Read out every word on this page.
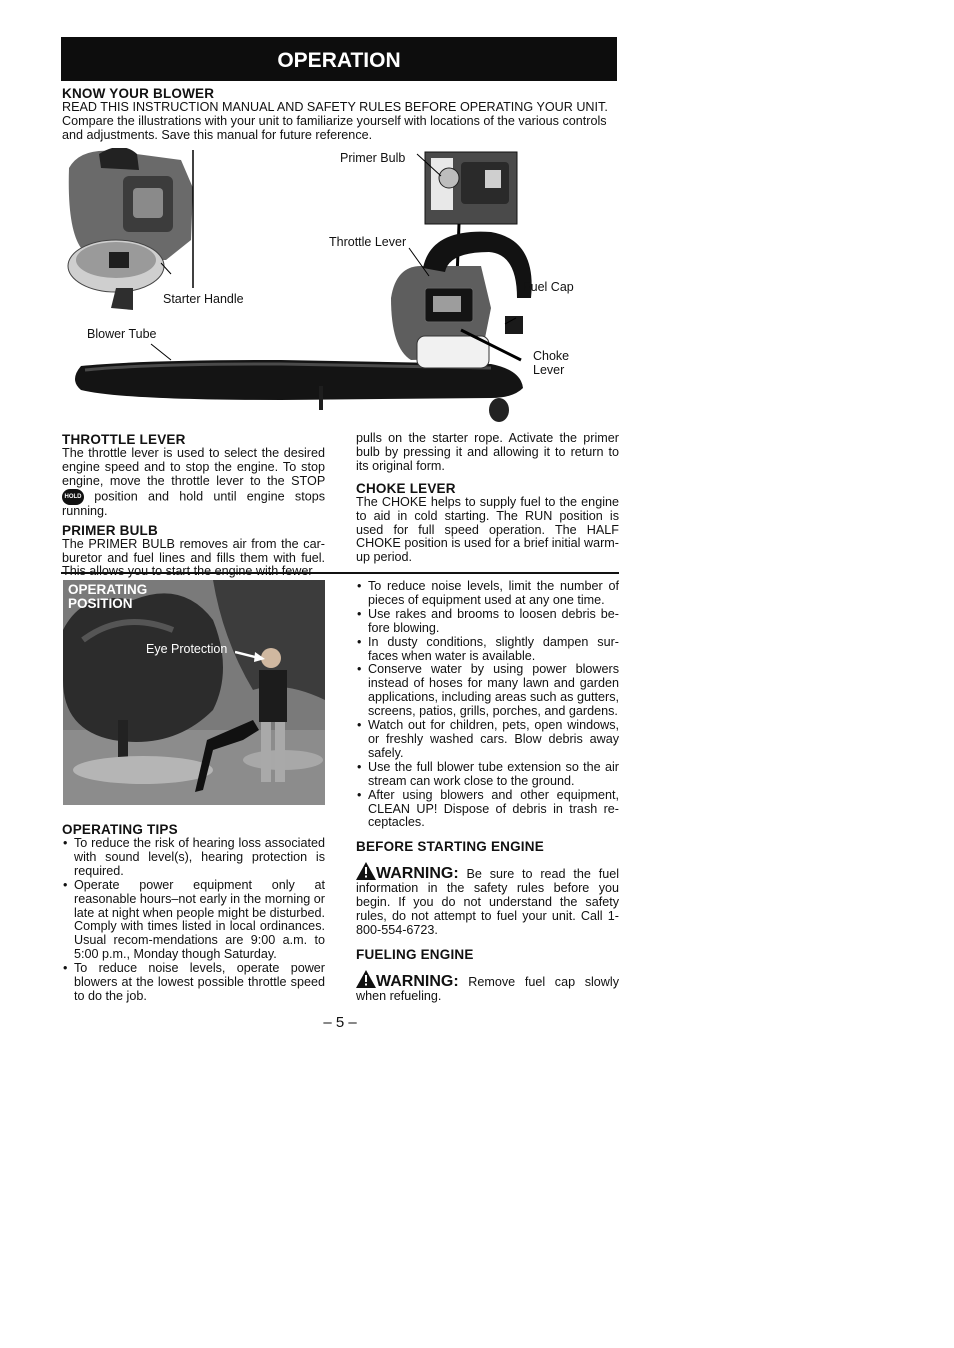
OPERATION

KNOW YOUR BLOWER

READ THIS INSTRUCTION MANUAL AND SAFETY RULES BEFORE OPERATING YOUR UNIT. Compare the illustrations with your unit to familiarize yourself with locations of the various controls and adjustments. Save this manual for future reference.

Primer Bulb
Throttle Lever
Fuel Cap
Starter Handle
Blower Tube
Choke
Lever

THROTTLE LEVER

The throttle lever is used to select the desired engine speed and to stop the engine. To stop engine, move the throttle lever to the STOP HOLD position and hold until engine stops running.

PRIMER BULB

The PRIMER BULB removes air from the car-buretor and fuel lines and fills them with fuel.

pulls on the starter rope. Activate the primer bulb by pressing it and allowing it to return to its original form.

CHOKE LEVER

The CHOKE helps to supply fuel to the engine to aid in cold starting. The RUN position is used for full speed operation. The HALF CHOKE position is used for a brief initial warm-up period.

OPERATING
POSITION
Eye Protection

OPERATING TIPS

• To reduce the risk of hearing loss associated with sound level(s), hearing protection is required.
• Operate power equipment only at reasonable hours–not early in the morning or late at night when people might be disturbed. Comply with times listed in local ordinances. Usual recom-mendations are 9:00 a.m. to 5:00 p.m., Monday though Saturday.
• To reduce noise levels, operate power blowers at the lowest possible throttle speed to do the job.
• To reduce noise levels, limit the number of pieces of equipment used at any one time.
• Use rakes and brooms to loosen debris be-fore blowing.
• In dusty conditions, slightly dampen sur-faces when water is available.
• Conserve water by using power blowers instead of hoses for many lawn and garden applications, including areas such as gutters, screens, patios, grills, porches, and gardens.
• Watch out for children, pets, open windows, or freshly washed cars. Blow debris away safely.
• Use the full blower tube extension so the air stream can work close to the ground.
• After using blowers and other equipment, CLEAN UP! Dispose of debris in trash re-ceptacles.

BEFORE STARTING ENGINE

WARNING: Be sure to read the fuel information in the safety rules before you begin. If you do not understand the safety rules, do not attempt to fuel your unit. Call 1-800-554-6723.

FUELING ENGINE

WARNING: Remove fuel cap slowly when refueling.

– 5 –
